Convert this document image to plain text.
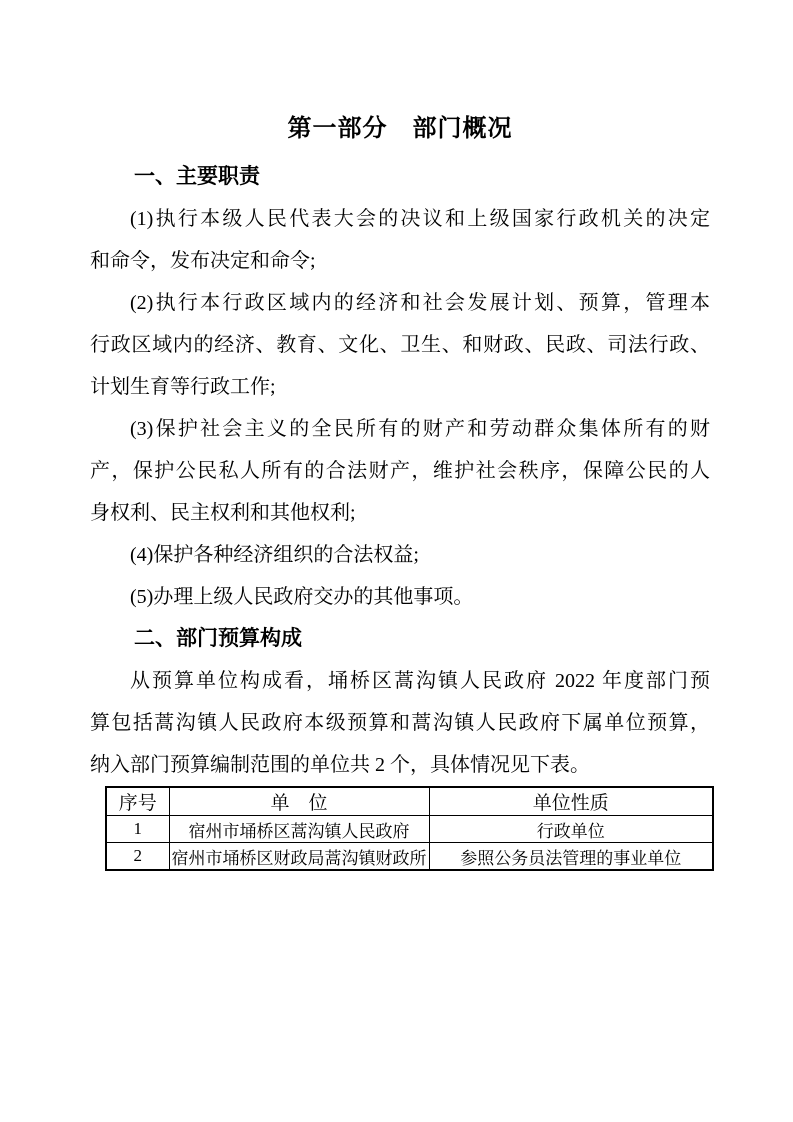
第一部分　部门概况
一、主要职责
(1)执行本级人民代表大会的决议和上级国家行政机关的决定
和命令，发布决定和命令;
(2)执行本行政区域内的经济和社会发展计划、预算，管理本
行政区域内的经济、教育、文化、卫生、和财政、民政、司法行政、
计划生育等行政工作;
(3)保护社会主义的全民所有的财产和劳动群众集体所有的财
产，保护公民私人所有的合法财产，维护社会秩序，保障公民的人
身权利、民主权利和其他权利;
(4)保护各种经济组织的合法权益;
(5)办理上级人民政府交办的其他事项。
二、部门预算构成
从预算单位构成看，埇桥区蒿沟镇人民政府 2022 年度部门预
算包括蒿沟镇人民政府本级预算和蒿沟镇人民政府下属单位预算，
纳入部门预算编制范围的单位共 2 个，具体情况见下表。
序号	单　位	单位性质
1	宿州市埇桥区蒿沟镇人民政府	行政单位
2	宿州市埇桥区财政局蒿沟镇财政所	参照公务员法管理的事业单位
